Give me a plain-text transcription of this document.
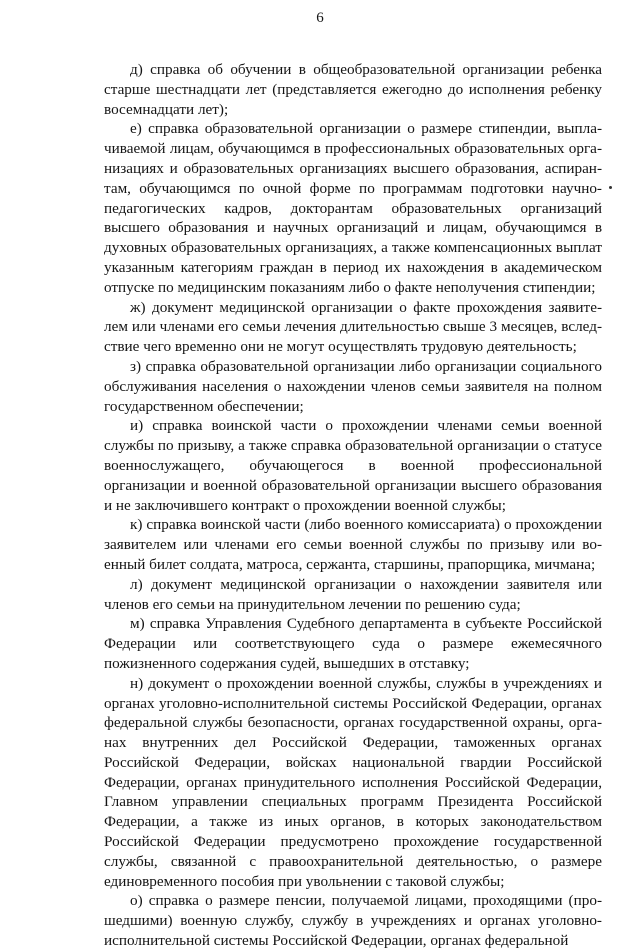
6

д) справка об обучении в общеобразовательной организации ребенка старше шестнадцати лет (представляется ежегодно до исполнения ребенку восемнадцати лет);

е) справка образовательной организации о размере стипендии, выплачиваемой лицам, обучающимся в профессиональных образовательных организациях и образовательных организациях высшего образования, аспирантам, обучающимся по очной форме по программам подготовки научно-педагогических кадров, докторантам образовательных организаций высшего образования и научных организаций и лицам, обучающимся в духовных образовательных организациях, а также компенсационных выплат указанным категориям граждан в период их нахождения в академическом отпуске по медицинским показаниям либо о факте неполучения стипендии;

ж) документ медицинской организации о факте прохождения заявителем или членами его семьи лечения длительностью свыше 3 месяцев, вследствие чего временно они не могут осуществлять трудовую деятельность;

з) справка образовательной организации либо организации социального обслуживания населения о нахождении членов семьи заявителя на полном государственном обеспечении;

и) справка воинской части о прохождении членами семьи военной службы по призыву, а также справка образовательной организации о статусе военнослужащего, обучающегося в военной профессиональной организации и военной образовательной организации высшего образования и не заключившего контракт о прохождении военной службы;

к) справка воинской части (либо военного комиссариата) о прохождении заявителем или членами его семьи военной службы по призыву или военный билет солдата, матроса, сержанта, старшины, прапорщика, мичмана;

л) документ медицинской организации о нахождении заявителя или членов его семьи на принудительном лечении по решению суда;

м) справка Управления Судебного департамента в субъекте Российской Федерации или соответствующего суда о размере ежемесячного пожизненного содержания судей, вышедших в отставку;

н) документ о прохождении военной службы, службы в учреждениях и органах уголовно-исполнительной системы Российской Федерации, органах федеральной службы безопасности, органах государственной охраны, органах внутренних дел Российской Федерации, таможенных органах Российской Федерации, войсках национальной гвардии Российской Федерации, органах принудительного исполнения Российской Федерации, Главном управлении специальных программ Президента Российской Федерации, а также из иных органов, в которых законодательством Российской Федерации предусмотрено прохождение государственной службы, связанной с правоохранительной деятельностью, о размере единовременного пособия при увольнении с таковой службы;

о) справка о размере пенсии, получаемой лицами, проходящими (прошедшими) военную службу, службу в учреждениях и органах уголовно-исполнительной системы Российской Федерации, органах федеральной
